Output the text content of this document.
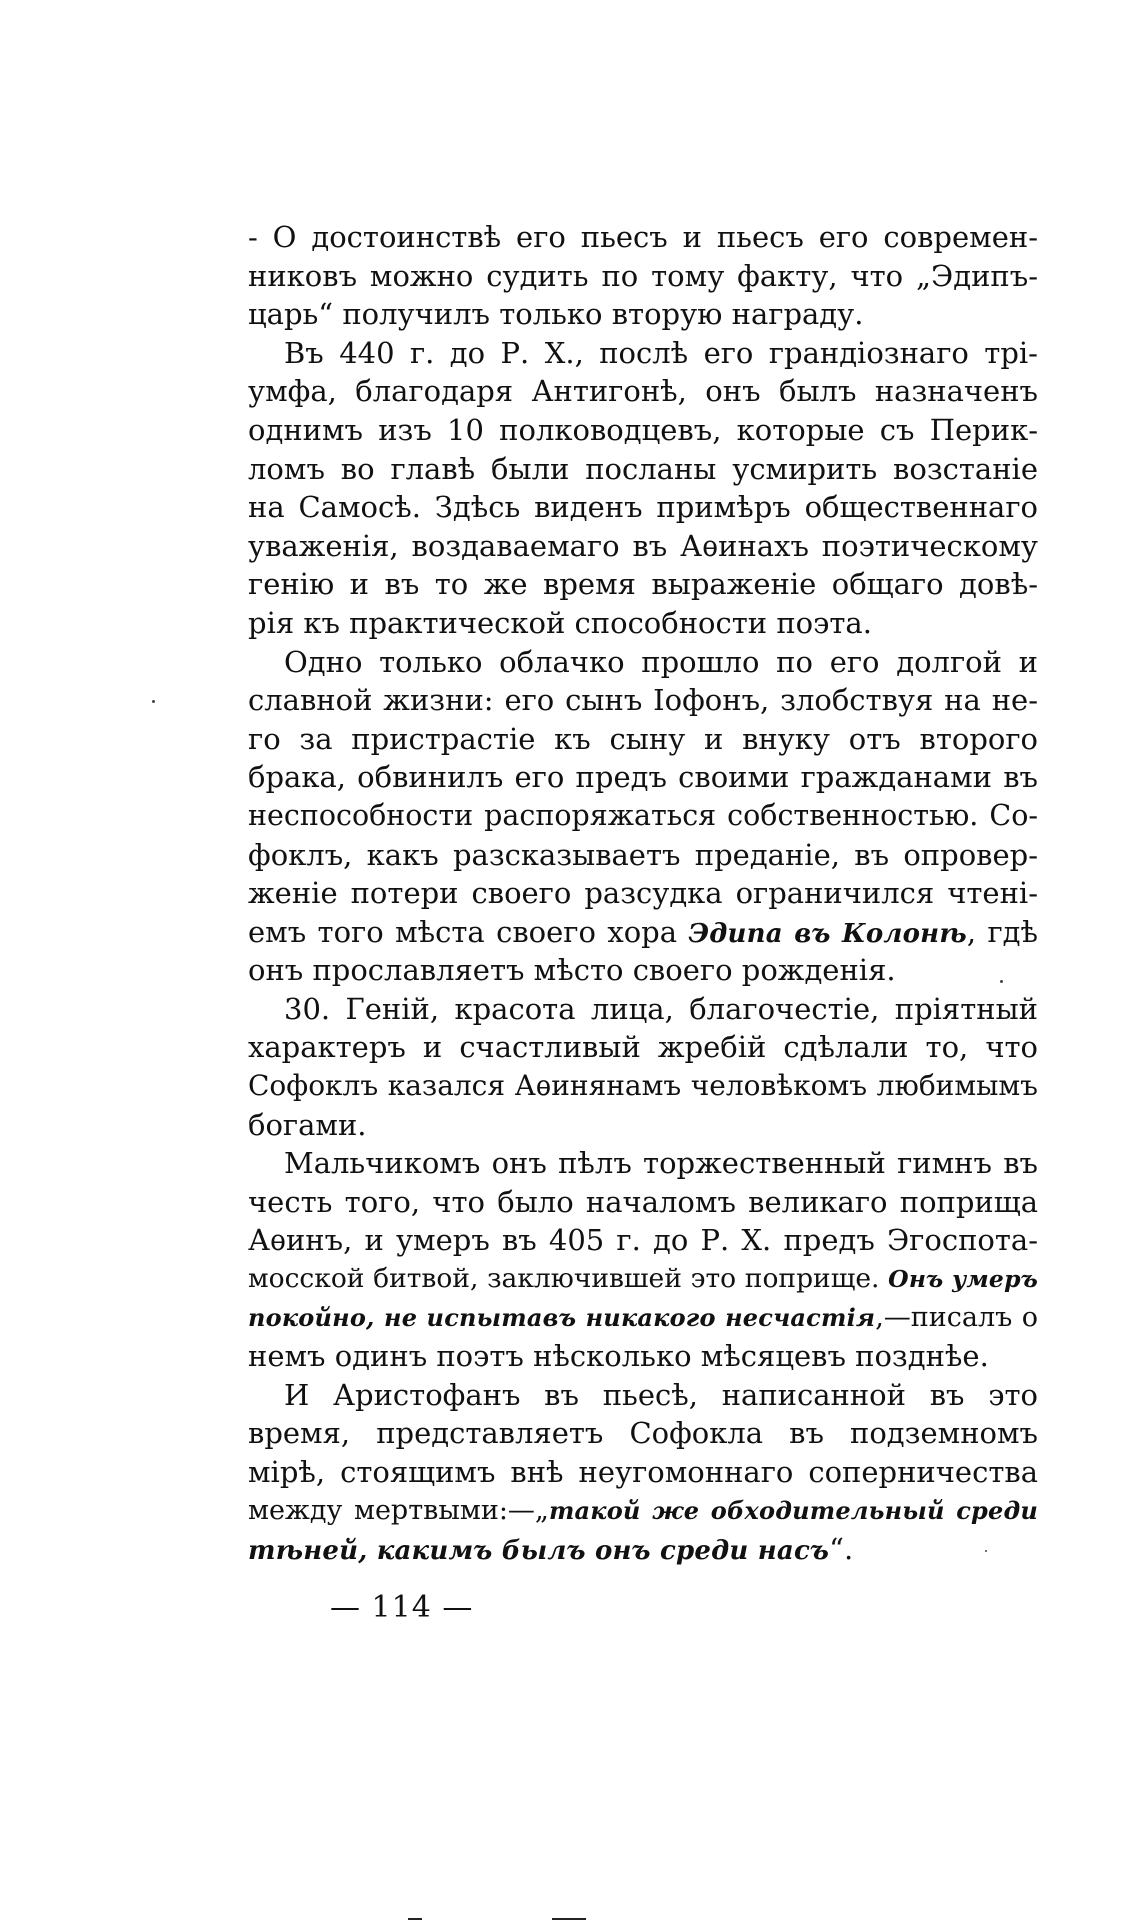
- О достоинствѣ его пьесъ и пьесъ его современ-
никовъ можно судить по тому факту, что „Эдипъ-
царь“ получилъ только вторую награду.
Въ 440 г. до Р. Х., послѣ его грандіознаго трі-
умфа, благодаря Антигонѣ, онъ былъ назначенъ
однимъ изъ 10 полководцевъ, которые съ Перик-
ломъ во главѣ были посланы усмирить возстаніе
на Самосѣ. Здѣсь виденъ примѣръ общественнаго
уваженія, воздаваемаго въ Аѳинахъ поэтическому
генію и въ то же время выраженіе общаго довѣ-
рія къ практической способности поэта.
Одно только облачко прошло по его долгой и
славной жизни: его сынъ Іофонъ, злобствуя на не-
го за пристрастіе къ сыну и внуку отъ второго
брака, обвинилъ его предъ своими гражданами въ
неспособности распоряжаться собственностью. Со-
фоклъ, какъ разсказываетъ преданіе, въ опровер-
женіе потери своего разсудка ограничился чтені-
емъ того мѣста своего хора Эдипа въ Колонѣ, гдѣ
онъ прославляетъ мѣсто своего рожденія.
30. Геній, красота лица, благочестіе, пріятный
характеръ и счастливый жребій сдѣлали то, что
Софоклъ казался Аѳинянамъ человѣкомъ любимымъ
богами.
Мальчикомъ онъ пѣлъ торжественный гимнъ въ
честь того, что было началомъ великаго поприща
Аѳинъ, и умеръ въ 405 г. до Р. Х. предъ Эгоспота-
мосской битвой, заключившей это поприще. Онъ умеръ
покойно, не испытавъ никакого несчастія,—писалъ о
немъ одинъ поэтъ нѣсколько мѣсяцевъ позднѣе.
И Аристофанъ въ пьесѣ, написанной въ это
время, представляетъ Софокла въ подземномъ
мірѣ, стоящимъ внѣ неугомоннаго соперничества
между мертвыми:—„такой же обходительный среди
тѣней, какимъ былъ онъ среди насъ“.
— 114 —
